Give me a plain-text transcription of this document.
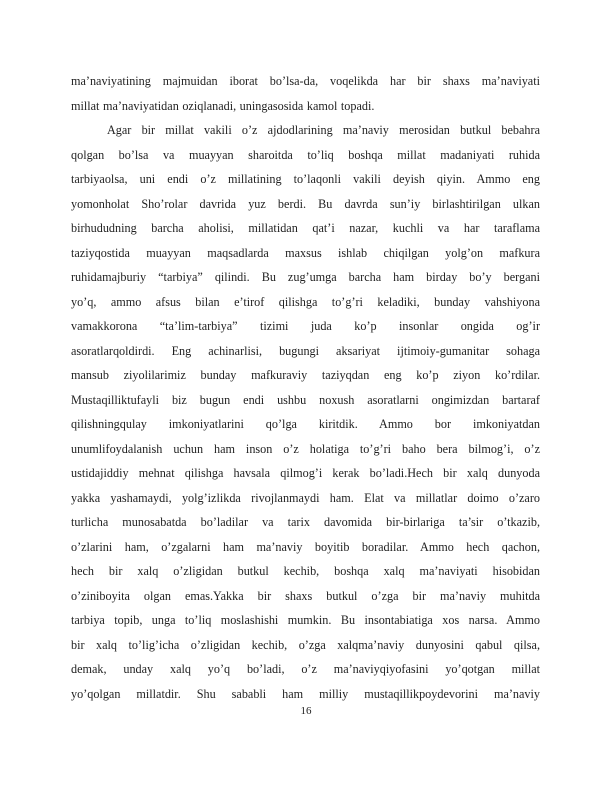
ma’naviyatining majmuidan iborat bo’lsa-da, voqelikda har bir shaxs ma’naviyati
millat ma’naviyatidan oziqlanadi, uningasosida kamol topadi.
Agar bir millat vakili o’z ajdodlarining ma’naviy merosidan butkul bebahra
qolgan bo’lsa va muayyan sharoitda to’liq boshqa millat madaniyati ruhida
tarbiyaolsa, uni endi o’z millatining to’laqonli vakili deyish qiyin. Ammo eng
yomonholat Sho’rolar davrida yuz berdi. Bu davrda sun’iy birlashtirilgan ulkan
birhududning barcha aholisi, millatidan qat’i nazar, kuchli va har taraflama
taziyqostida muayyan maqsadlarda maxsus ishlab chiqilgan yolg’on mafkura
ruhidamajburiy “tarbiya” qilindi. Bu zug’umga barcha ham birday bo’y bergani
yo’q, ammo afsus bilan e’tirof qilishga to’g’ri keladiki, bunday vahshiyona
vamakkorona “ta’lim-tarbiya” tizimi juda ko’p insonlar ongida og’ir
asoratlarqoldirdi. Eng achinarlisi, bugungi aksariyat ijtimoiy-gumanitar sohaga
mansub ziyolilarimiz bunday mafkuraviy taziyqdan eng ko’p ziyon ko’rdilar.
Mustaqilliktufayli biz bugun endi ushbu noxush asoratlarni ongimizdan bartaraf
qilishningqulay imkoniyatlarini qo’lga kiritdik. Ammo bor imkoniyatdan
unumlifoydalanish uchun ham inson o’z holatiga to’g’ri baho bera bilmog’i, o’z
ustidajiddiy mehnat qilishga havsala qilmog’i kerak bo’ladi.Hech bir xalq dunyoda
yakka yashamaydi, yolg’izlikda rivojlanmaydi ham. Elat va millatlar doimo o’zaro
turlicha munosabatda bo’ladilar va tarix davomida bir-birlariga ta’sir o’tkazib,
o’zlarini ham, o’zgalarni ham ma’naviy boyitib boradilar. Ammo hech qachon,
hech bir xalq o’zligidan butkul kechib, boshqa xalq ma’naviyati hisobidan
o’ziniboyita olgan emas.Yakka bir shaxs butkul o’zga bir ma’naviy muhitda
tarbiya topib, unga to’liq moslashishi mumkin. Bu insontabiatiga xos narsa. Ammo
bir xalq to’lig’icha o’zligidan kechib, o’zga xalqma’naviy dunyosini qabul qilsa,
demak, unday xalq yo’q bo’ladi, o’z ma’naviyqiyofasini yo’qotgan millat
yo’qolgan millatdir. Shu sababli ham milliy mustaqillikpoydevorini ma’naviy
16
